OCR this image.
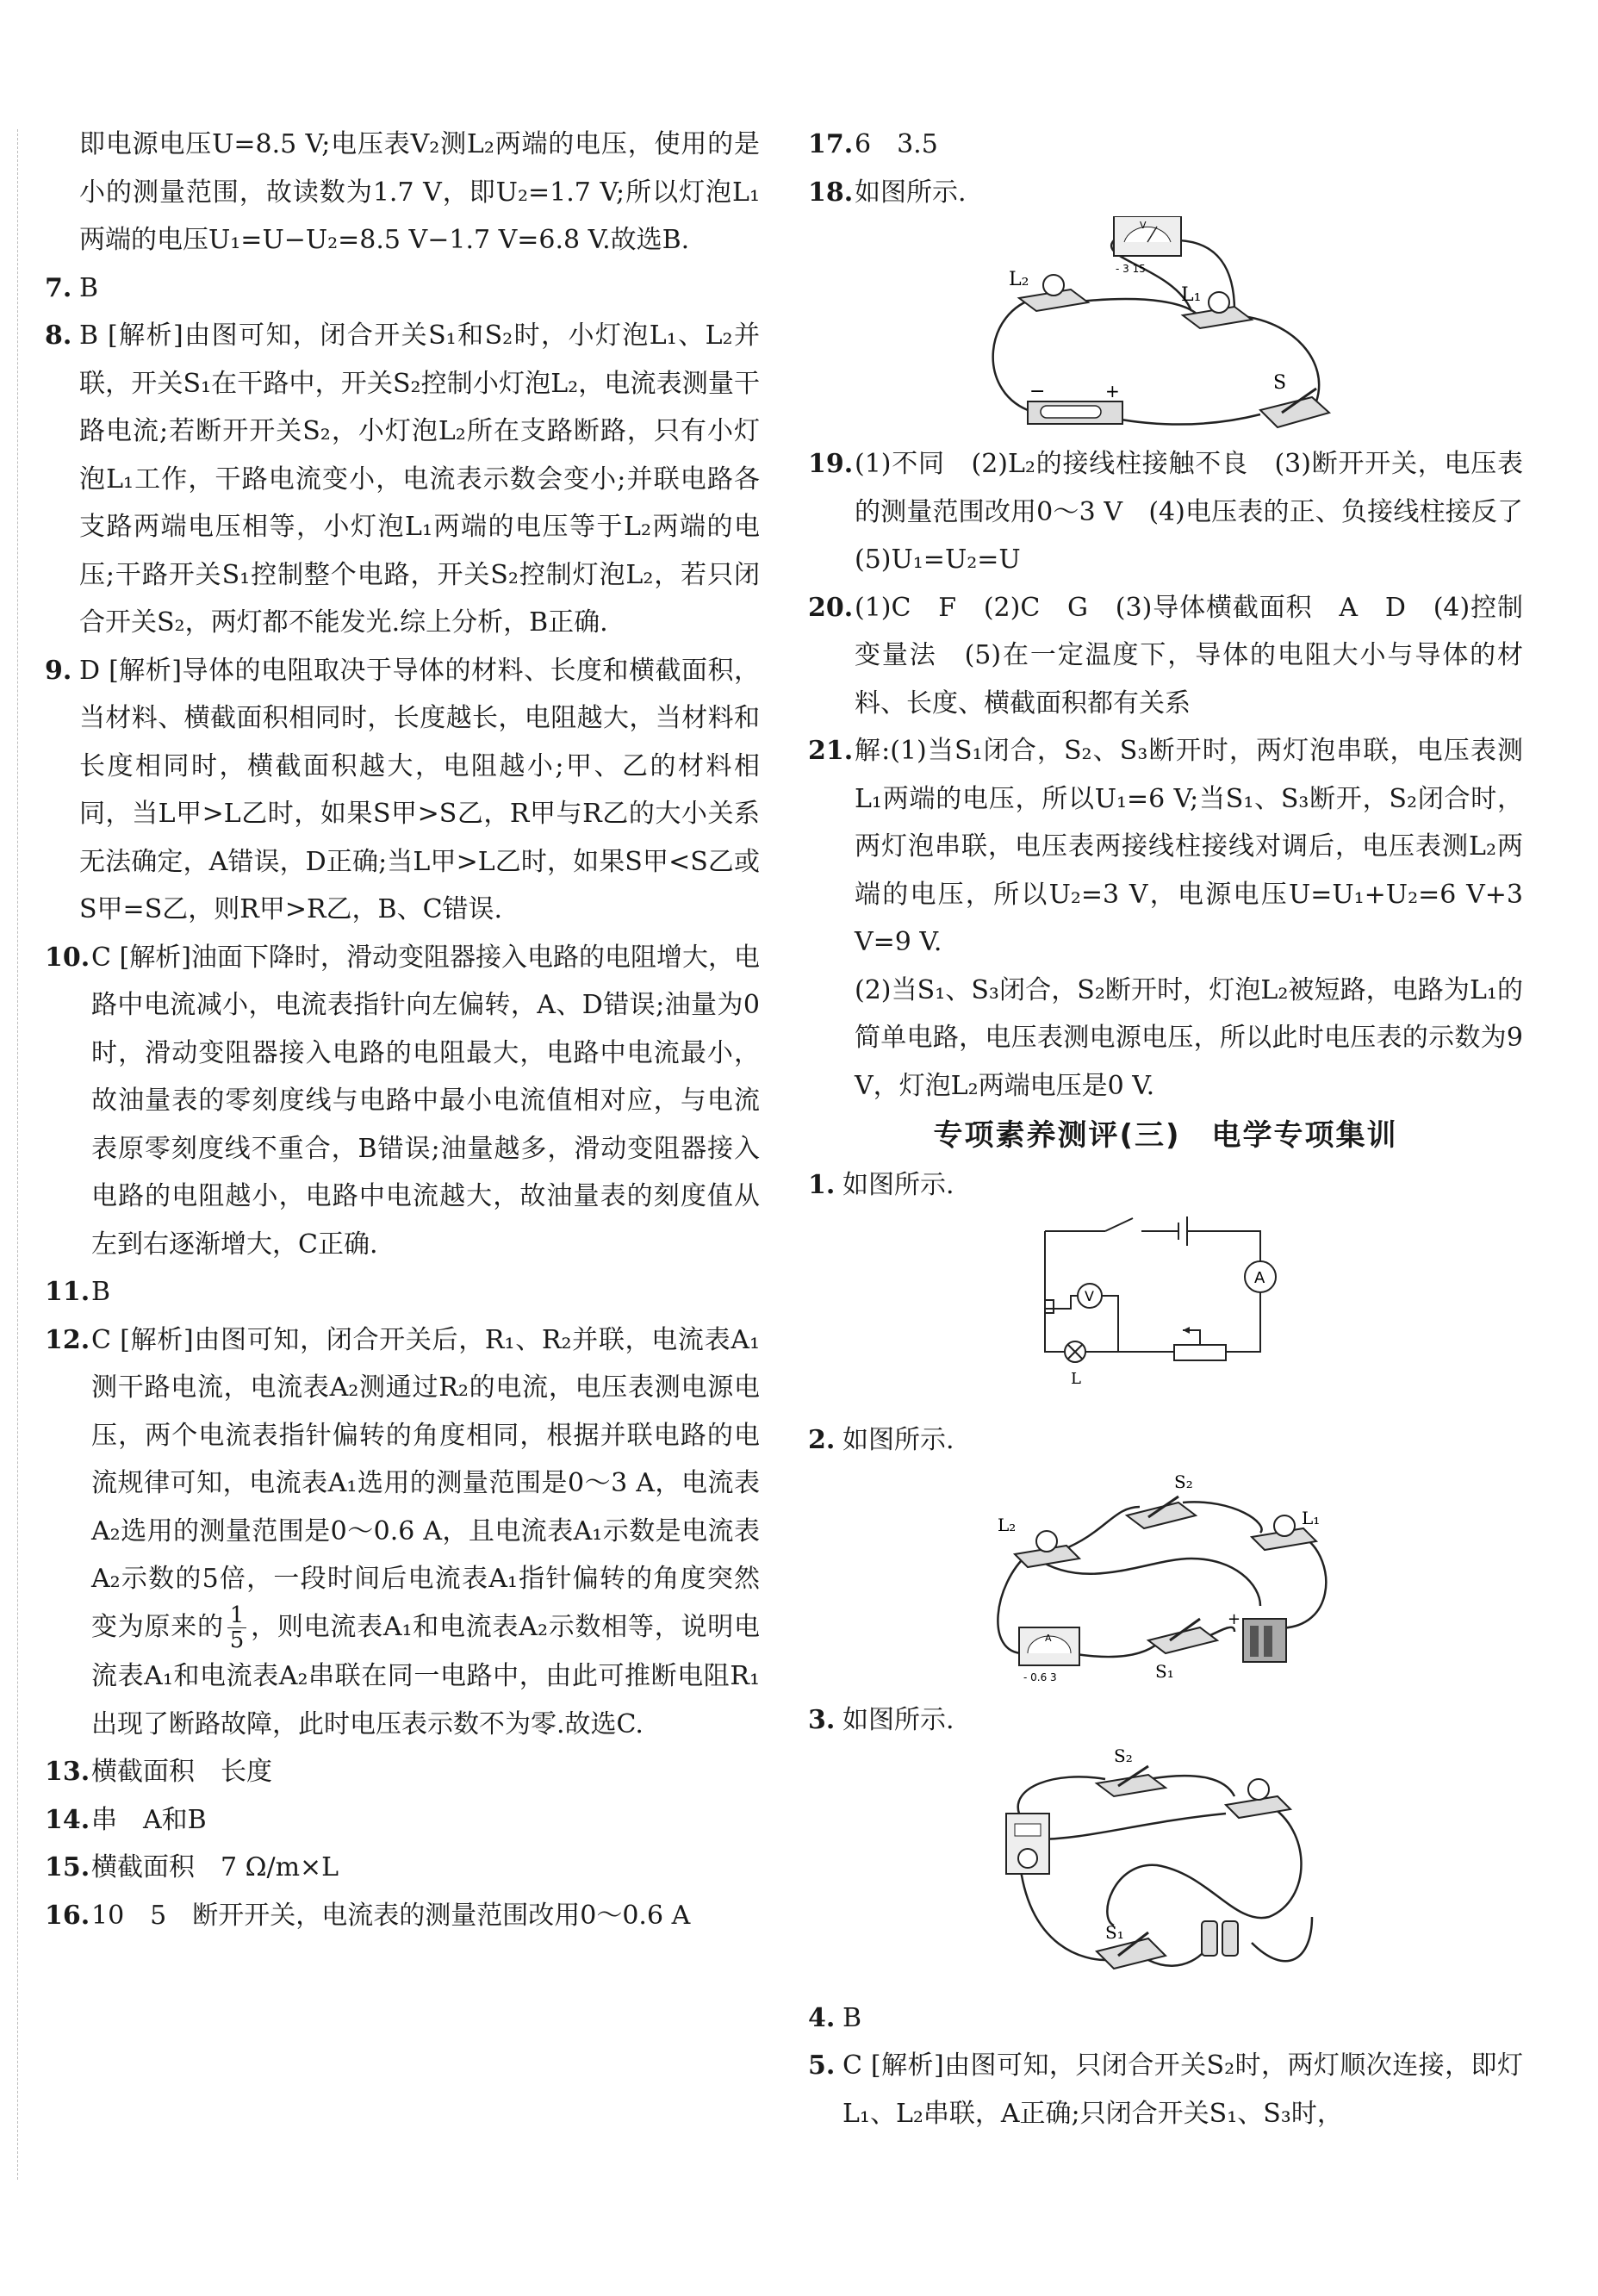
即电源电压U=8.5 V;电压表V₂测L₂两端的电压，使用的是小的测量范围，故读数为1.7 V，即U₂=1.7 V;所以灯泡L₁两端的电压U₁=U−U₂=8.5 V−1.7 V=6.8 V.故选B.
7. B
8. B [解析]由图可知，闭合开关S₁和S₂时，小灯泡L₁、L₂并联，开关S₁在干路中，开关S₂控制小灯泡L₂，电流表测量干路电流;若断开开关S₂，小灯泡L₂所在支路断路，只有小灯泡L₁工作，干路电流变小，电流表示数会变小;并联电路各支路两端电压相等，小灯泡L₁两端的电压等于L₂两端的电压;干路开关S₁控制整个电路，开关S₂控制灯泡L₂，若只闭合开关S₂，两灯都不能发光.综上分析，B正确.
9. D [解析]导体的电阻取决于导体的材料、长度和横截面积，当材料、横截面积相同时，长度越长，电阻越大，当材料和长度相同时，横截面积越大，电阻越小;甲、乙的材料相同，当L甲>L乙时，如果S甲>S乙，R甲与R乙的大小关系无法确定，A错误，D正确;当L甲>L乙时，如果S甲<S乙或S甲=S乙，则R甲>R乙，B、C错误.
10. C [解析]油面下降时，滑动变阻器接入电路的电阻增大，电路中电流减小，电流表指针向左偏转，A、D错误;油量为0时，滑动变阻器接入电路的电阻最大，电路中电流最小，故油量表的零刻度线与电路中最小电流值相对应，与电流表原零刻度线不重合，B错误;油量越多，滑动变阻器接入电路的电阻越小，电路中电流越大，故油量表的刻度值从左到右逐渐增大，C正确.
11. B
12. C [解析]由图可知，闭合开关后，R₁、R₂并联，电流表A₁测干路电流，电流表A₂测通过R₂的电流，电压表测电源电压，两个电流表指针偏转的角度相同，根据并联电路的电流规律可知，电流表A₁选用的测量范围是0～3 A，电流表A₂选用的测量范围是0～0.6 A，且电流表A₁示数是电流表A₂示数的5倍，一段时间后电流表A₁指针偏转的角度突然变为原来的 $\frac{1}{5}$ ，则电流表A₁和电流表A₂示数相等，说明电流表A₁和电流表A₂串联在同一电路中，由此可推断电阻R₁出现了断路故障，此时电压表示数不为零.故选C.
13. 横截面积　长度
14. 串　A和B
15. 横截面积　7 Ω/m×L
16. 10　5　断开开关，电流表的测量范围改用0～0.6 A
17. 6　3.5
18. 如图所示.
V
- 3 15
L₂
L₁
−	+	S
19. (1)不同　(2)L₂的接线柱接触不良　(3)断开开关，电压表的测量范围改用0～3 V　(4)电压表的正、负接线柱接反了　(5)U₁=U₂=U
20. (1)C　F　(2)C　G　(3)导体横截面积　A　D　(4)控制变量法　(5)在一定温度下，导体的电阻大小与导体的材料、长度、横截面积都有关系
21. 解:(1)当S₁闭合，S₂、S₃断开时，两灯泡串联，电压表测L₁两端的电压，所以U₁=6 V;当S₁、S₃断开，S₂闭合时，两灯泡串联，电压表两接线柱接线对调后，电压表测L₂两端的电压，所以U₂=3 V，电源电压U=U₁+U₂=6 V+3 V=9 V.
(2)当S₁、S₃闭合，S₂断开时，灯泡L₂被短路，电路为L₁的简单电路，电压表测电源电压，所以此时电压表的示数为9 V，灯泡L₂两端电压是0 V.
专项素养测评(三)　电学专项集训
1. 如图所示.
A
V
L
2. 如图所示.
S₂
L₂	L₁
A
- 0.6 3	S₁
+
3. 如图所示.
S₂
S₁
4. B
5. C [解析]由图可知，只闭合开关S₂时，两灯顺次连接，即灯L₁、L₂串联，A正确;只闭合开关S₁、S₃时，
